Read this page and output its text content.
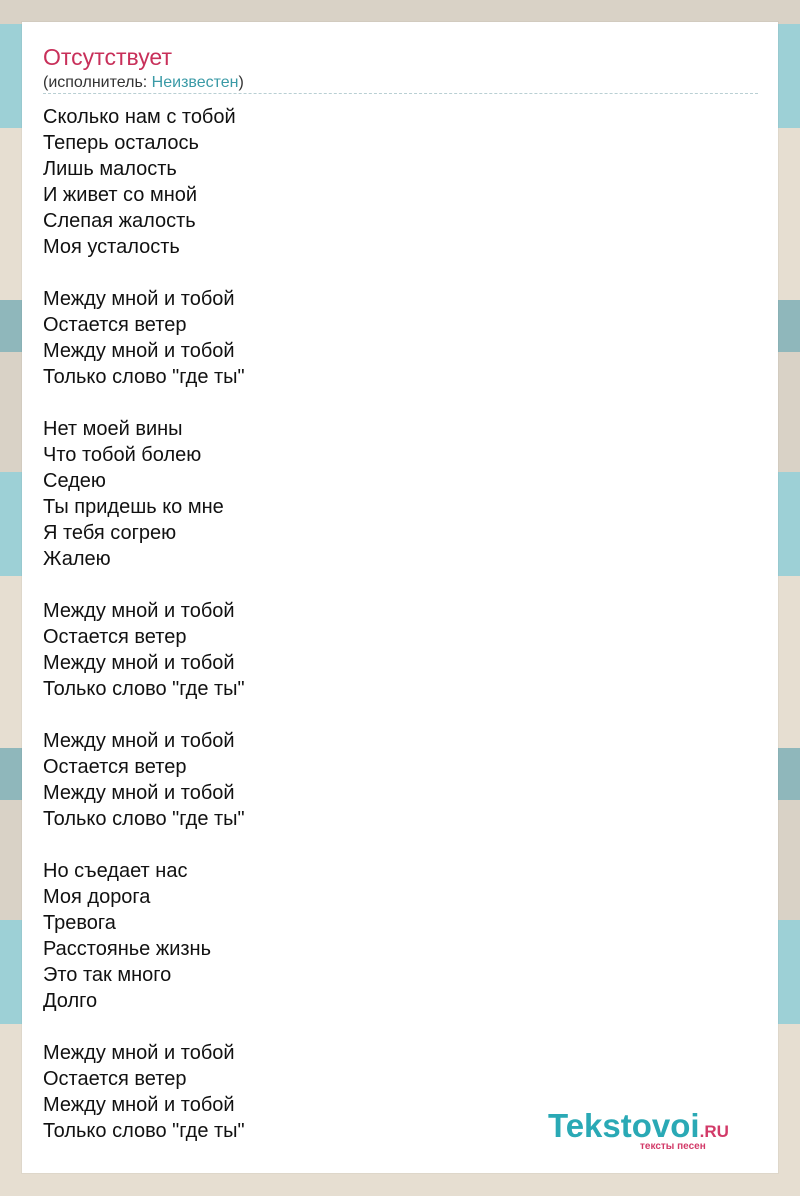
Отсутствует
(исполнитель: Неизвестен)
Сколько нам с тобой
Теперь осталось
Лишь малость
И живет со мной
Слепая жалость
Моя усталость
Между мной и тобой
Остается ветер
Между мной и тобой
Только слово "где ты"
Нет моей вины
Что тобой болею
Седею
Ты придешь ко мне
Я тебя согрею
Жалею
Между мной и тобой
Остается ветер
Между мной и тобой
Только слово "где ты"
Между мной и тобой
Остается ветер
Между мной и тобой
Только слово "где ты"
Но съедает нас
Моя дорога
Тревога
Расстоянье жизнь
Это так много
Долго
Между мной и тобой
Остается ветер
Между мной и тобой
Только слово "где ты"	Tekstovoi.RU
тексты песен
